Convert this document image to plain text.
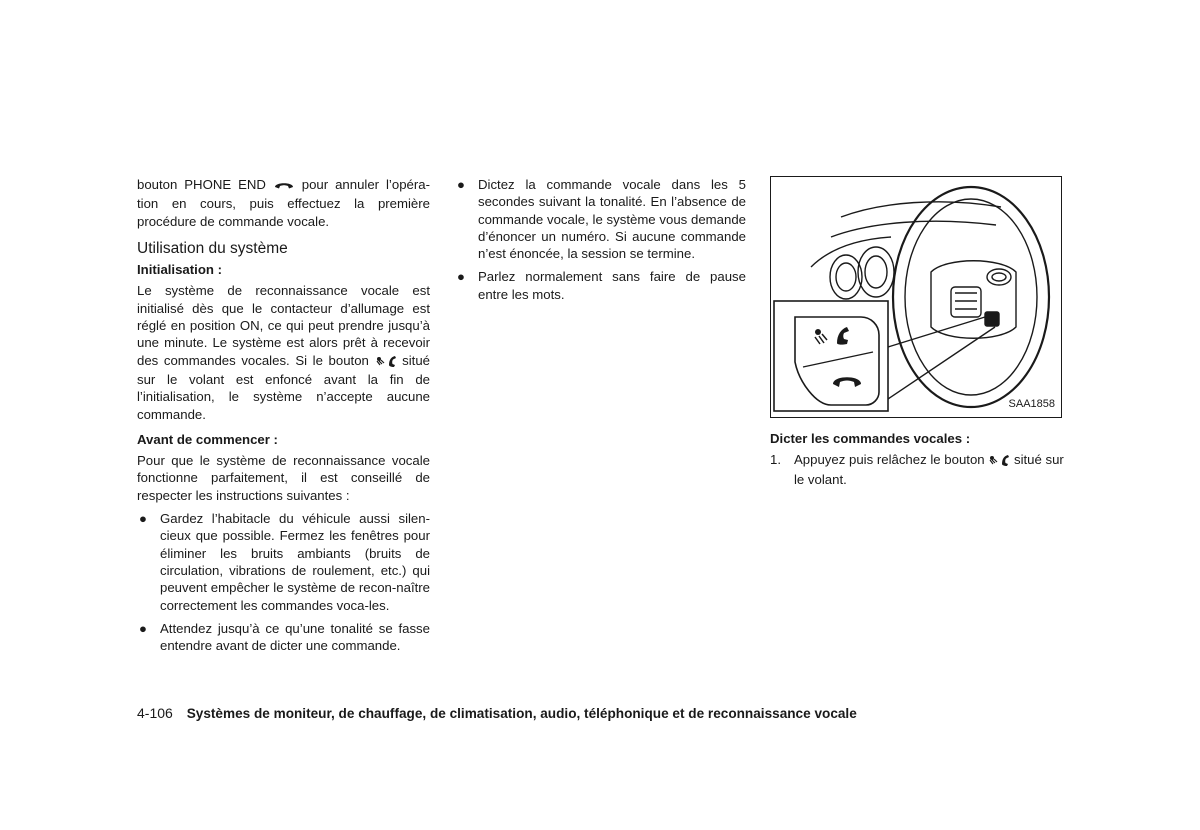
bouton PHONE END	pour annuler l’opéra-tion en cours, puis effectuez la première procédure de commande vocale.

Utilisation du système
Initialisation :

Le système de reconnaissance vocale est initialisé dès que le contacteur d’allumage est réglé en position ON, ce qui peut prendre jusqu’à une minute. Le système est alors prêt à recevoir des commandes vocales. Si le bouton	situé sur le volant est enfoncé avant la fin de l’initialisation, le système n’accepte aucune commande.

Avant de commencer :

Pour que le système de reconnaissance vocale fonctionne parfaitement, il est conseillé de respecter les instructions suivantes :

● Gardez l’habitacle du véhicule aussi silen-cieux que possible. Fermez les fenêtres pour éliminer les bruits ambiants (bruits de circulation, vibrations de roulement, etc.) qui peuvent empêcher le système de recon-naître correctement les commandes voca-les.
● Attendez jusqu’à ce qu’une tonalité se fasse entendre avant de dicter une commande.
● Dictez la commande vocale dans les 5 secondes suivant la tonalité. En l’absence de commande vocale, le système vous demande d’énoncer un numéro. Si aucune commande n’est énoncée, la session se termine.
● Parlez normalement sans faire de pause entre les mots.
SAA1858
Dicter les commandes vocales :
1. Appuyez puis relâchez le bouton situé sur le volant.
4-106 Systèmes de moniteur, de chauffage, de climatisation, audio, téléphonique et de reconnaissance vocale
